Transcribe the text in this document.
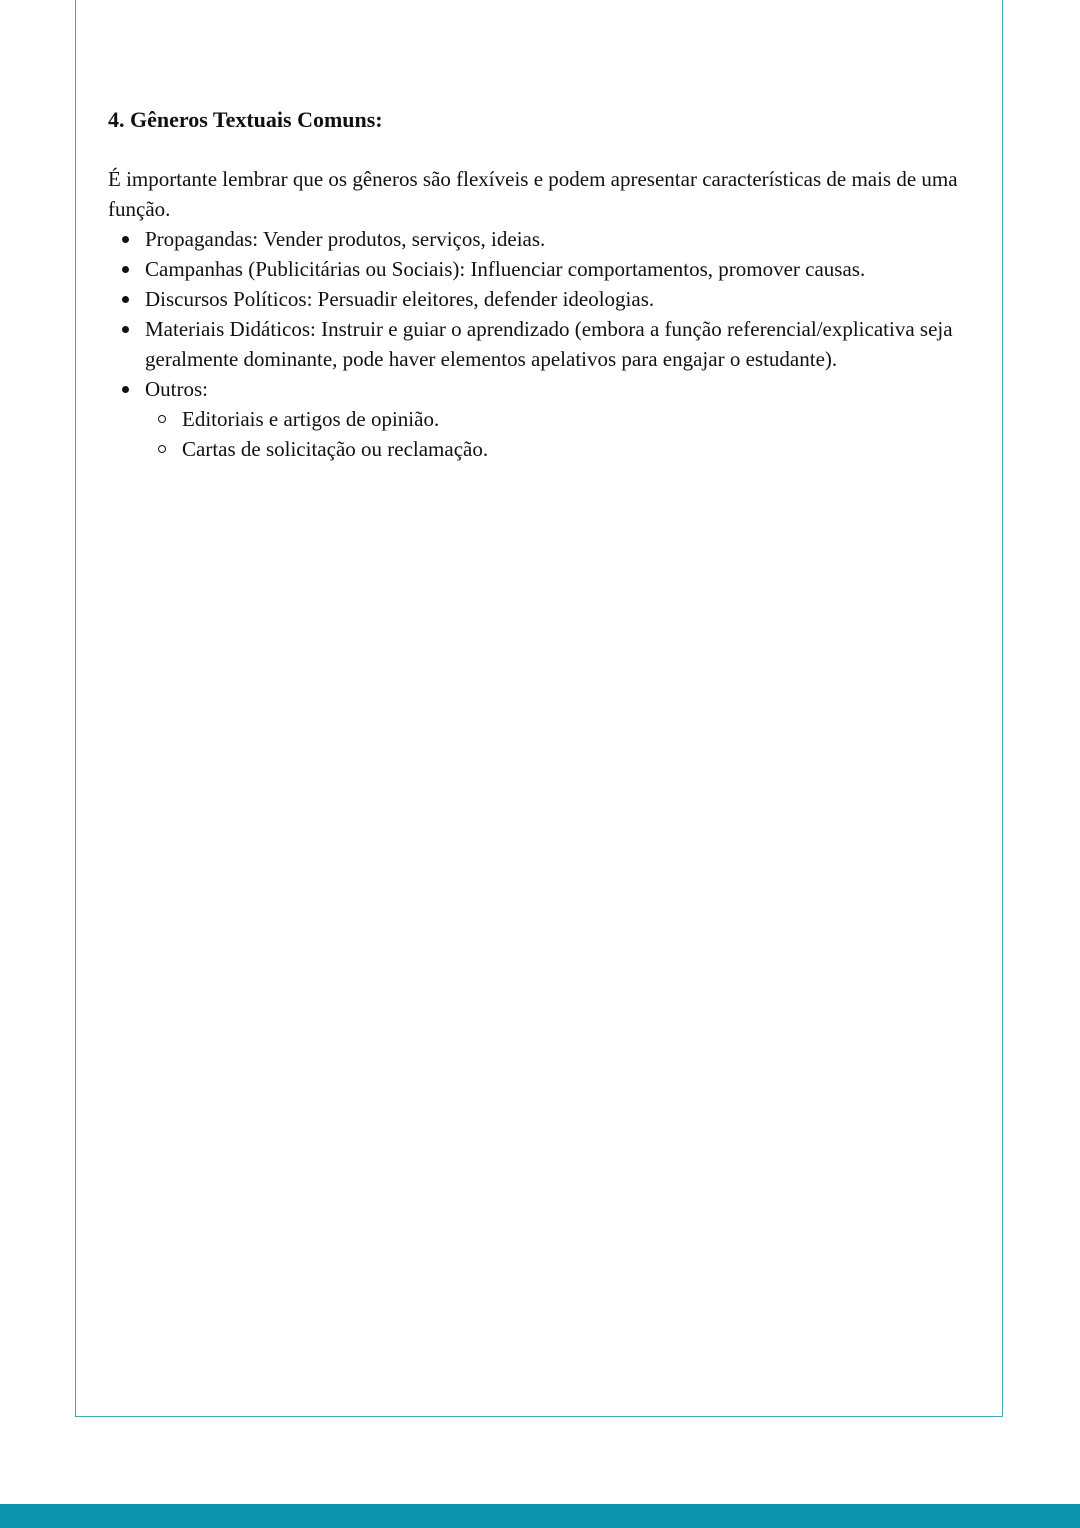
4. Gêneros Textuais Comuns:

É importante lembrar que os gêneros são flexíveis e podem apresentar características de mais de uma função.

Propagandas: Vender produtos, serviços, ideias.
Campanhas (Publicitárias ou Sociais): Influenciar comportamentos, promover causas.
Discursos Políticos: Persuadir eleitores, defender ideologias.
Materiais Didáticos: Instruir e guiar o aprendizado (embora a função referencial/explicativa seja geralmente dominante, pode haver elementos apelativos para engajar o estudante).
Outros:
Editoriais e artigos de opinião.
Cartas de solicitação ou reclamação.
